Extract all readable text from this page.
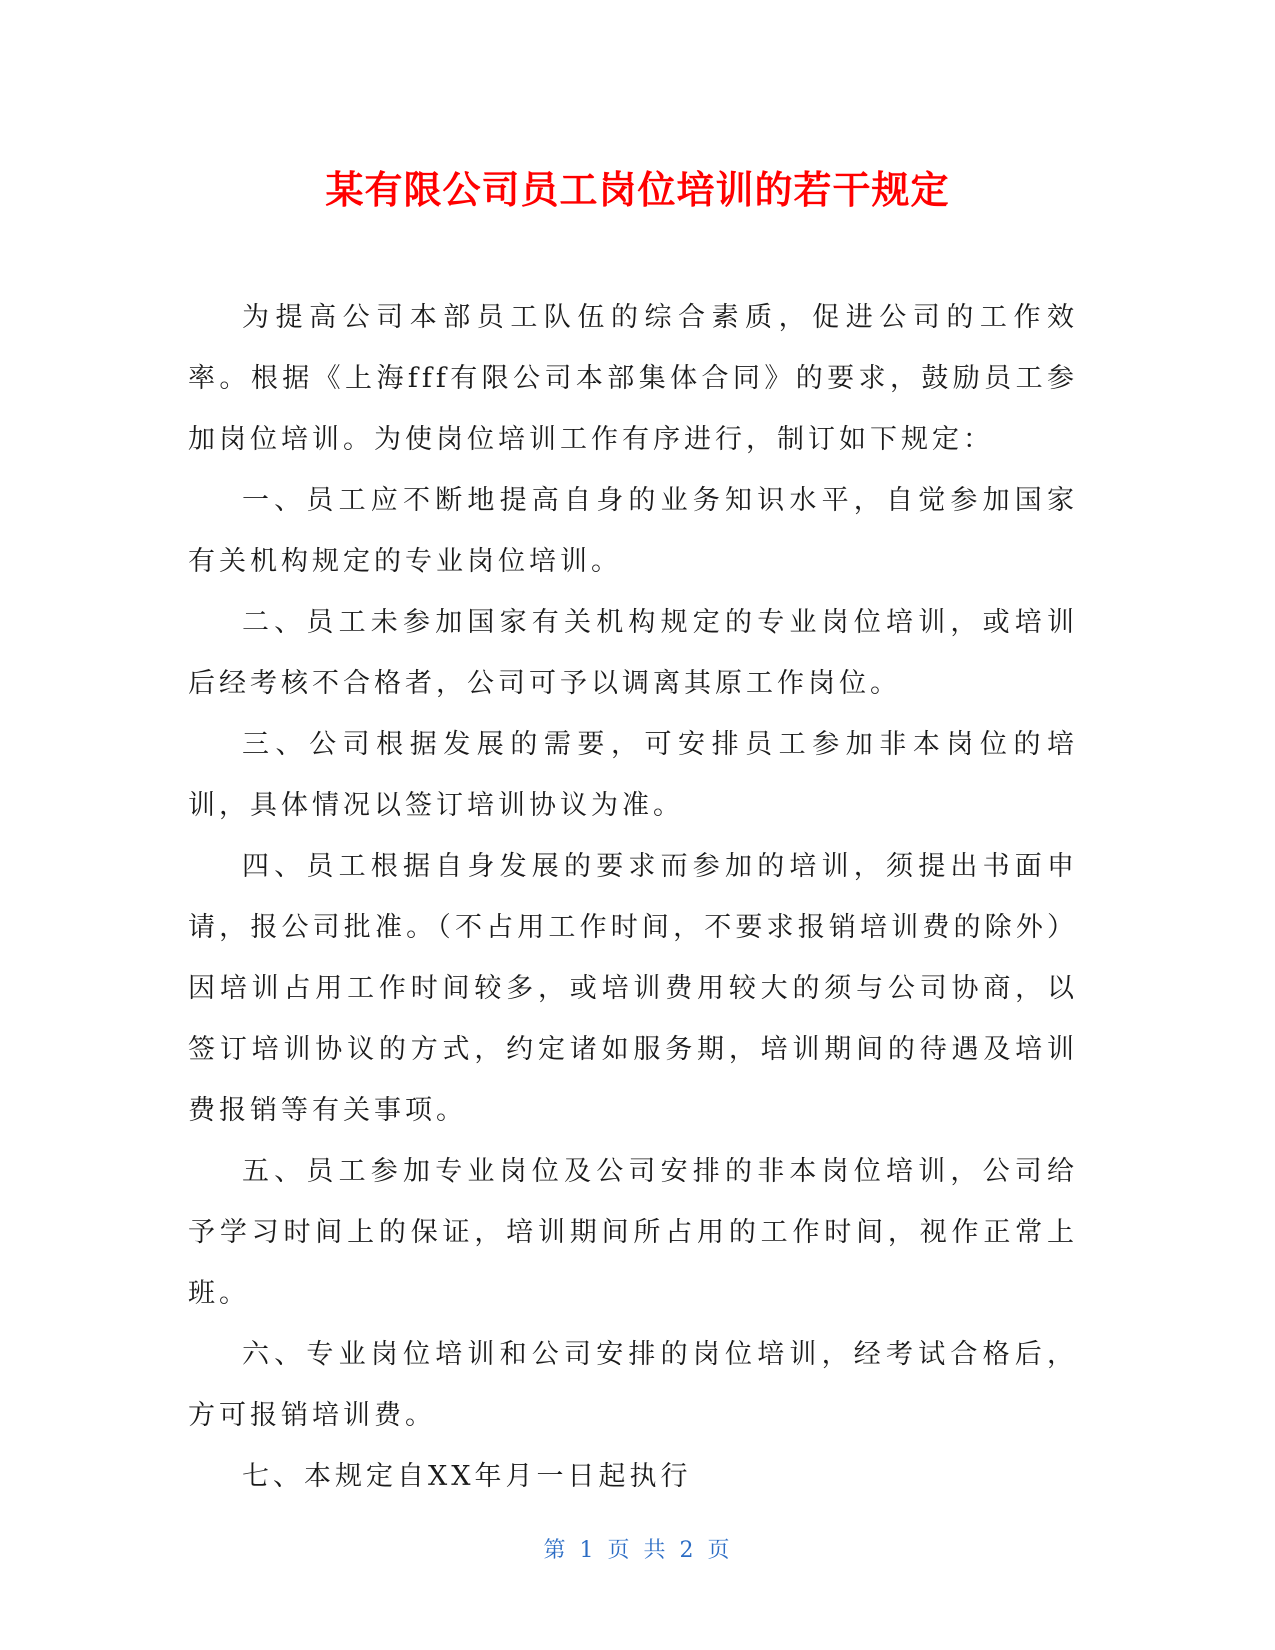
某有限公司员工岗位培训的若干规定

为提高公司本部员工队伍的综合素质，促进公司的工作效率。根据《上海fff有限公司本部集体合同》的要求，鼓励员工参加岗位培训。为使岗位培训工作有序进行，制订如下规定：

一、员工应不断地提高自身的业务知识水平，自觉参加国家有关机构规定的专业岗位培训。

二、员工未参加国家有关机构规定的专业岗位培训，或培训后经考核不合格者，公司可予以调离其原工作岗位。

三、公司根据发展的需要，可安排员工参加非本岗位的培训，具体情况以签订培训协议为准。

四、员工根据自身发展的要求而参加的培训，须提出书面申请，报公司批准。（不占用工作时间，不要求报销培训费的除外）因培训占用工作时间较多，或培训费用较大的须与公司协商，以签订培训协议的方式，约定诸如服务期，培训期间的待遇及培训费报销等有关事项。

五、员工参加专业岗位及公司安排的非本岗位培训，公司给予学习时间上的保证，培训期间所占用的工作时间，视作正常上班。

六、专业岗位培训和公司安排的岗位培训，经考试合格后，方可报销培训费。

七、本规定自XX年月一日起执行

第 1 页 共 2 页
